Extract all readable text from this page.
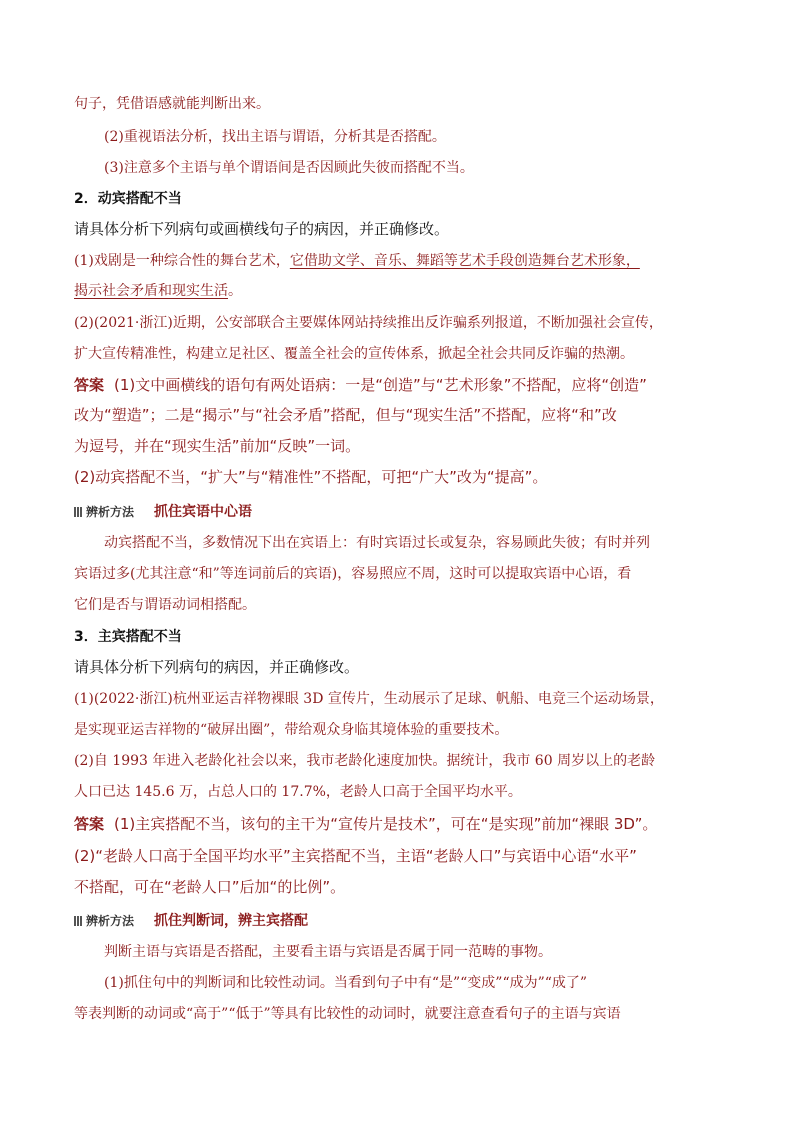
句子，凭借语感就能判断出来。
(2)重视语法分析，找出主语与谓语，分析其是否搭配。
(3)注意多个主语与单个谓语间是否因顾此失彼而搭配不当。
2．动宾搭配不当
请具体分析下列病句或画横线句子的病因，并正确修改。
(1)戏剧是一种综合性的舞台艺术，它借助文学、音乐、舞蹈等艺术手段创造舞台艺术形象，
揭示社会矛盾和现实生活。
(2)(2021·浙江)近期，公安部联合主要媒体网站持续推出反诈骗系列报道，不断加强社会宣传，
扩大宣传精准性，构建立足社区、覆盖全社会的宣传体系，掀起全社会共同反诈骗的热潮。
答案 (1)文中画横线的语句有两处语病：一是“创造”与“艺术形象”不搭配，应将“创造”
改为“塑造”；二是“揭示”与“社会矛盾”搭配，但与“现实生活”不搭配，应将“和”改
为逗号，并在“现实生活”前加“反映”一词。
(2)动宾搭配不当，“扩大”与“精准性”不搭配，可把“广大”改为“提高”。
辨析方法 抓住宾语中心语
动宾搭配不当，多数情况下出在宾语上：有时宾语过长或复杂，容易顾此失彼；有时并列
宾语过多(尤其注意“和”等连词前后的宾语)，容易照应不周，这时可以提取宾语中心语，看
它们是否与谓语动词相搭配。
3．主宾搭配不当
请具体分析下列病句的病因，并正确修改。
(1)(2022·浙江)杭州亚运吉祥物裸眼 3D 宣传片，生动展示了足球、帆船、电竞三个运动场景，
是实现亚运吉祥物的“破屏出圈”，带给观众身临其境体验的重要技术。
(2)自 1993 年进入老龄化社会以来，我市老龄化速度加快。据统计，我市 60 周岁以上的老龄
人口已达 145.6 万，占总人口的 17.7%，老龄人口高于全国平均水平。
答案 (1)主宾搭配不当，该句的主干为“宣传片是技术”，可在“是实现”前加“裸眼 3D”。
(2)“老龄人口高于全国平均水平”主宾搭配不当，主语“老龄人口”与宾语中心语“水平”
不搭配，可在“老龄人口”后加“的比例”。
辨析方法 抓住判断词，辨主宾搭配
判断主语与宾语是否搭配，主要看主语与宾语是否属于同一范畴的事物。
(1)抓住句中的判断词和比较性动词。当看到句子中有“是”“变成”“成为”“成了”
等表判断的动词或“高于”“低于”等具有比较性的动词时，就要注意查看句子的主语与宾语
